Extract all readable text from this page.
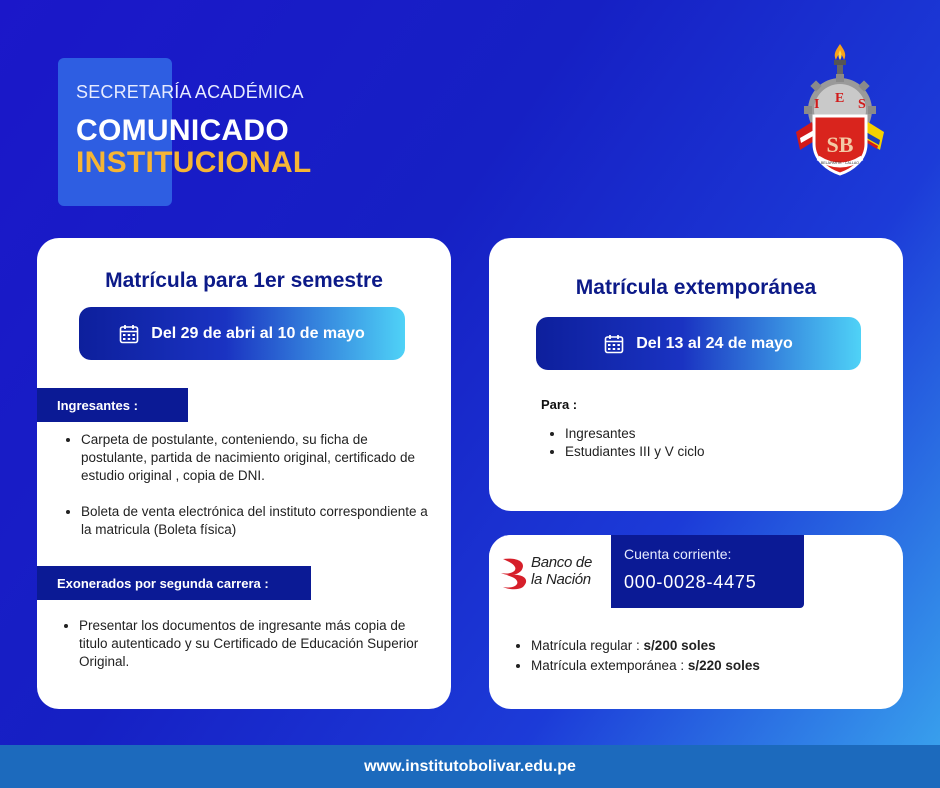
SECRETARÍA ACADÉMICA
COMUNICADO
INSTITUCIONAL
I E S
SB
BELAPARTE · CALLAO
Matrícula para 1er semestre
Del 29 de abri al 10 de mayo
Ingresantes :
• Carpeta de postulante, conteniendo, su ficha de postulante, partida de nacimiento original, certificado de estudio original , copia de DNI.
• Boleta de venta electrónica del instituto correspondiente a la matricula (Boleta física)
Exonerados por segunda carrera :
• Presentar los documentos de ingresante más copia de titulo autenticado y su Certificado de Educación Superior Original.
Matrícula extemporánea
Del 13 al 24 de mayo
Para :
• Ingresantes
• Estudiantes III y V ciclo
Banco de
la Nación
Cuenta corriente:
000-0028-4475
• Matrícula regular : s/200 soles
• Matrícula extemporánea : s/220 soles
www.institutobolivar.edu.pe
